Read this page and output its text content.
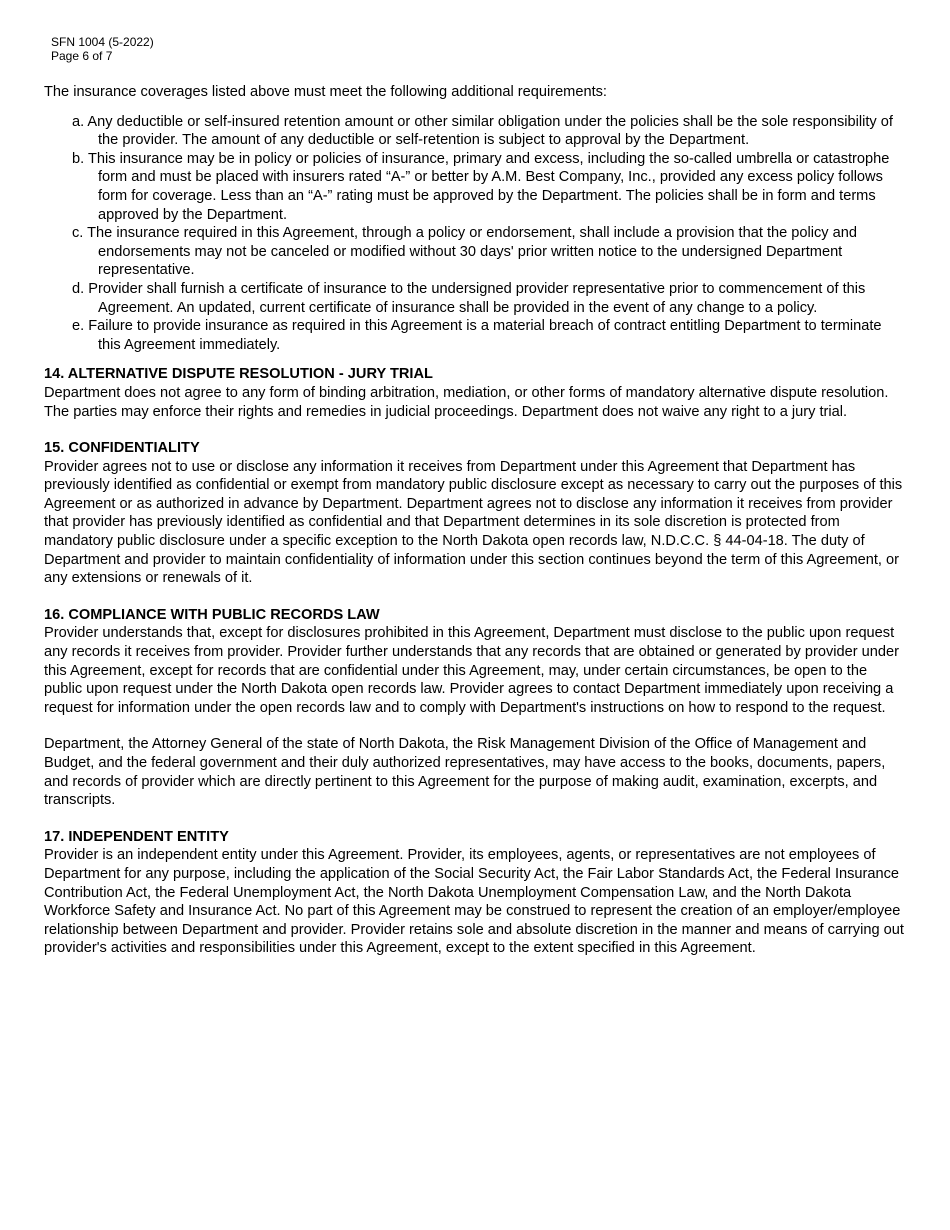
SFN 1004 (5-2022)
Page 6 of 7

The insurance coverages listed above must meet the following additional requirements:

a. Any deductible or self-insured retention amount or other similar obligation under the policies shall be the sole responsibility of the provider. The amount of any deductible or self-retention is subject to approval by the Department.
b. This insurance may be in policy or policies of insurance, primary and excess, including the so-called umbrella or catastrophe form and must be placed with insurers rated “A-” or better by A.M. Best Company, Inc., provided any excess policy follows form for coverage. Less than an “A-” rating must be approved by the Department. The policies shall be in form and terms approved by the Department.
c. The insurance required in this Agreement, through a policy or endorsement, shall include a provision that the policy and endorsements may not be canceled or modified without 30 days' prior written notice to the undersigned Department representative.
d. Provider shall furnish a certificate of insurance to the undersigned provider representative prior to commencement of this Agreement. An updated, current certificate of insurance shall be provided in the event of any change to a policy.
e. Failure to provide insurance as required in this Agreement is a material breach of contract entitling Department to terminate this Agreement immediately.

14. ALTERNATIVE DISPUTE RESOLUTION - JURY TRIAL

Department does not agree to any form of binding arbitration, mediation, or other forms of mandatory alternative dispute resolution. The parties may enforce their rights and remedies in judicial proceedings. Department does not waive any right to a jury trial.

15. CONFIDENTIALITY

Provider agrees not to use or disclose any information it receives from Department under this Agreement that Department has previously identified as confidential or exempt from mandatory public disclosure except as necessary to carry out the purposes of this Agreement or as authorized in advance by Department. Department agrees not to disclose any information it receives from provider that provider has previously identified as confidential and that Department determines in its sole discretion is protected from mandatory public disclosure under a specific exception to the North Dakota open records law, N.D.C.C. § 44-04-18. The duty of Department and provider to maintain confidentiality of information under this section continues beyond the term of this Agreement, or any extensions or renewals of it.

16. COMPLIANCE WITH PUBLIC RECORDS LAW

Provider understands that, except for disclosures prohibited in this Agreement, Department must disclose to the public upon request any records it receives from provider. Provider further understands that any records that are obtained or generated by provider under this Agreement, except for records that are confidential under this Agreement, may, under certain circumstances, be open to the public upon request under the North Dakota open records law. Provider agrees to contact Department immediately upon receiving a request for information under the open records law and to comply with Department's instructions on how to respond to the request.

Department, the Attorney General of the state of North Dakota, the Risk Management Division of the Office of Management and Budget, and the federal government and their duly authorized representatives, may have access to the books, documents, papers, and records of provider which are directly pertinent to this Agreement for the purpose of making audit, examination, excerpts, and transcripts.

17. INDEPENDENT ENTITY

Provider is an independent entity under this Agreement. Provider, its employees, agents, or representatives are not employees of Department for any purpose, including the application of the Social Security Act, the Fair Labor Standards Act, the Federal Insurance Contribution Act, the Federal Unemployment Act, the North Dakota Unemployment Compensation Law, and the North Dakota Workforce Safety and Insurance Act. No part of this Agreement may be construed to represent the creation of an employer/employee relationship between Department and provider. Provider retains sole and absolute discretion in the manner and means of carrying out provider's activities and responsibilities under this Agreement, except to the extent specified in this Agreement.
